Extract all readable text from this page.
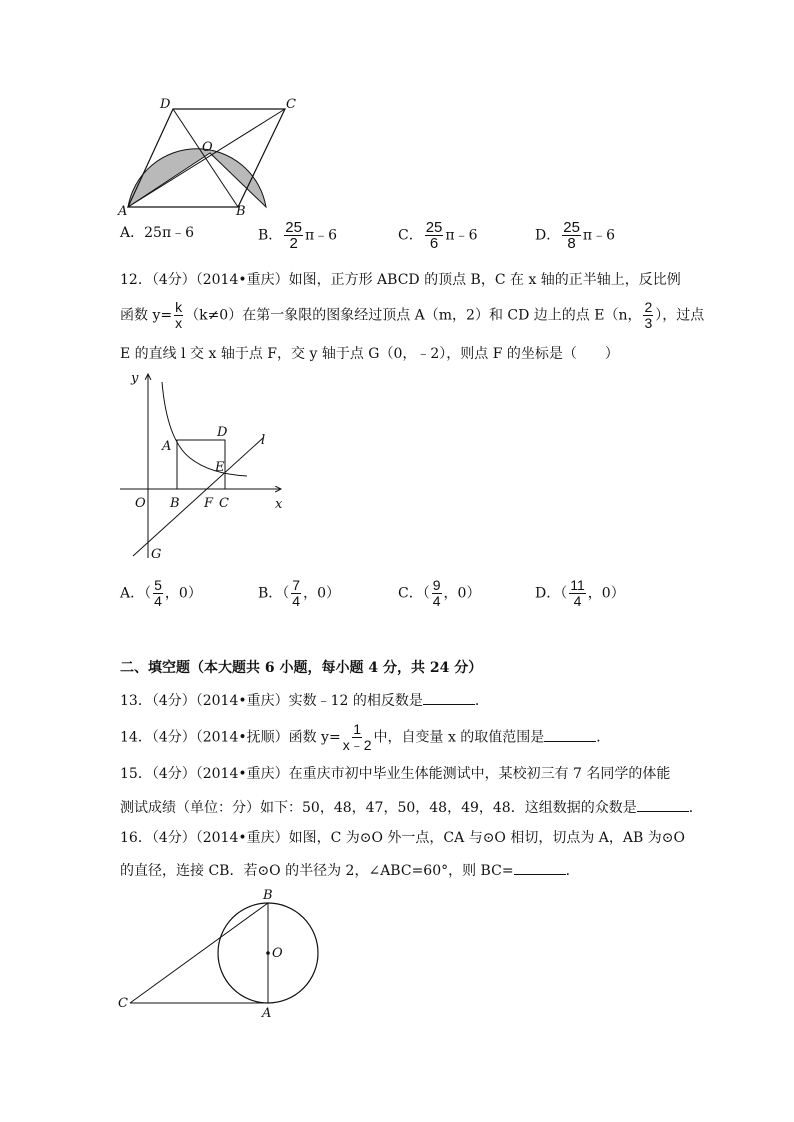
D	C
O
A	B
A．25π﹣6	B． $\frac{25}{2}$ π﹣6	C． $\frac{25}{6}$ π﹣6	D． $\frac{25}{8}$ π﹣6
12．（4分）（2014•重庆）如图，正方形 ABCD 的顶点 B，C 在 x 轴的正半轴上，反比例
函数 $y= \frac{k}{x} (k\ne 0)$在第一象限的图象经过顶点 A（m，2）和 CD 边上的点 E（n， $\frac{2}{3}$ ），过点
E 的直线 l 交 x 轴于点 F，交 y 轴于点 G（0，﹣2），则点 F 的坐标是（　　）
y
x
O
A
B F C
D
E
G
l
A．（ $\frac{5}{4}$ ，0）	B．（ $\frac{7}{4}$ ，0）	C．（ $\frac{9}{4}$ ，0）	D．（ $\frac{11}{4}$ ，0）
二、填空题（本大题共 6 小题，每小题 4 分，共 24 分）
13．（4分）（2014•重庆）实数﹣12 的相反数是	．
14．（4分）（2014•抚顺）函数 $y= \frac{1}{x﹣2}$ 中，自变量 x 的取值范围是	．
15．（4分）（2014•重庆）在重庆市初中毕业生体能测试中，某校初三有 7 名同学的体能
测试成绩（单位：分）如下：50，48，47，50，48，49，48．这组数据的众数是	．
16．（4分）（2014•重庆）如图，C 为⊙O 外一点，CA 与⊙O 相切，切点为 A，AB 为⊙O
的直径，连接 CB．若⊙O 的半径为 2，∠ABC=60°，则 BC=	．
B
O
C
A
